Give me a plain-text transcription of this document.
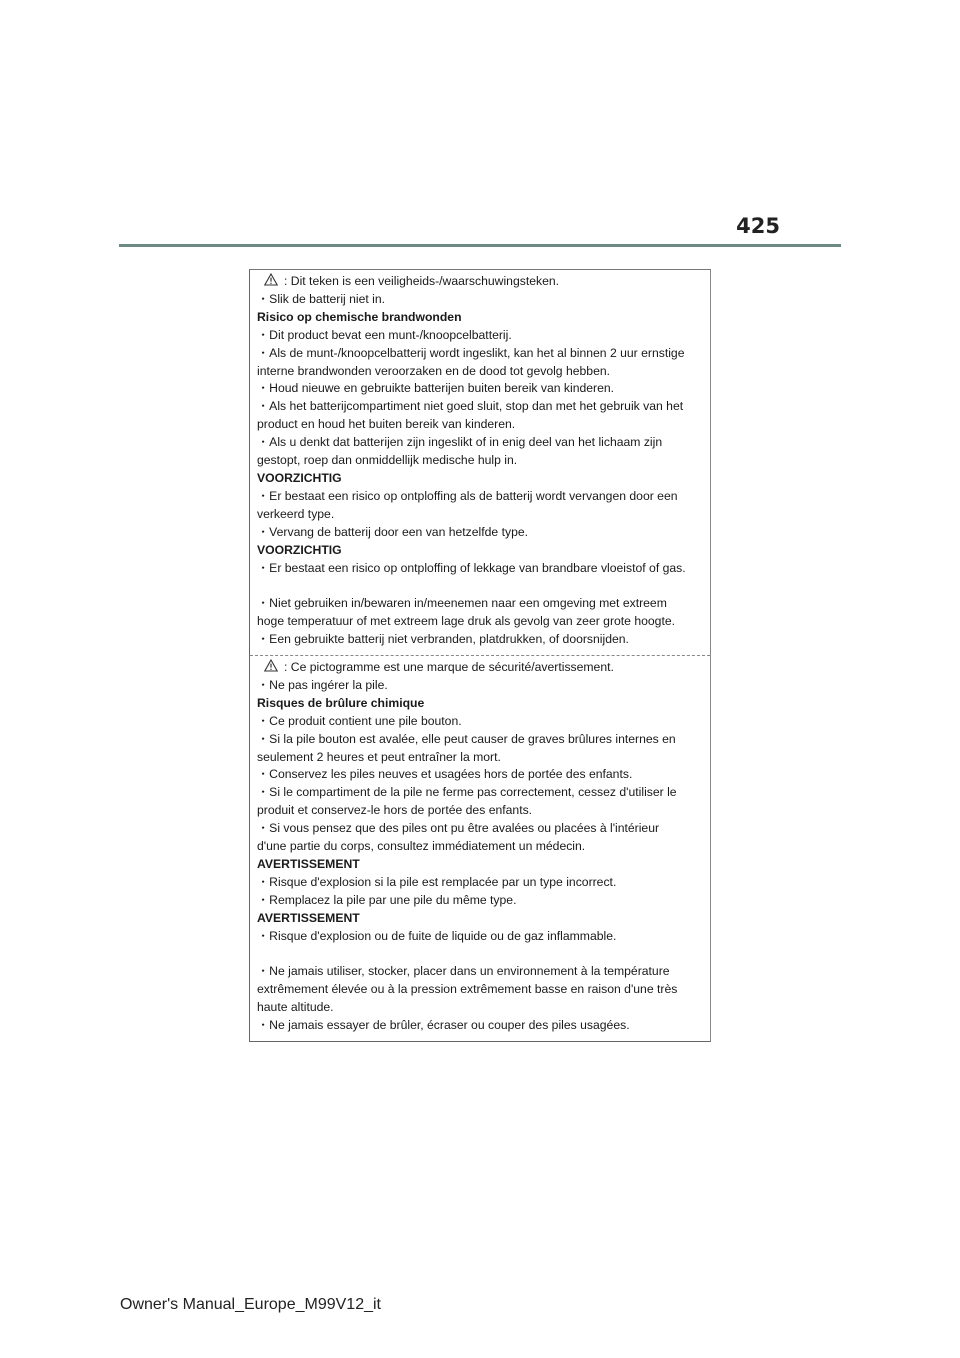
425
: Dit teken is een veiligheids-/waarschuwingsteken.
・Slik de batterij niet in.
Risico op chemische brandwonden
・Dit product bevat een munt-/knoopcelbatterij.
・Als de munt-/knoopcelbatterij wordt ingeslikt, kan het al binnen 2 uur ernstige
interne brandwonden veroorzaken en de dood tot gevolg hebben.
・Houd nieuwe en gebruikte batterijen buiten bereik van kinderen.
・Als het batterijcompartiment niet goed sluit, stop dan met het gebruik van het
product en houd het buiten bereik van kinderen.
・Als u denkt dat batterijen zijn ingeslikt of in enig deel van het lichaam zijn
gestopt, roep dan onmiddellijk medische hulp in.
VOORZICHTIG
・Er bestaat een risico op ontploffing als de batterij wordt vervangen door een
verkeerd type.
・Vervang de batterij door een van hetzelfde type.
VOORZICHTIG
・Er bestaat een risico op ontploffing of lekkage van brandbare vloeistof of gas.
・Niet gebruiken in/bewaren in/meenemen naar een omgeving met extreem
hoge temperatuur of met extreem lage druk als gevolg van zeer grote hoogte.
・Een gebruikte batterij niet verbranden, platdrukken, of doorsnijden.
: Ce pictogramme est une marque de sécurité/avertissement.
・Ne pas ingérer la pile.
Risques de brûlure chimique
・Ce produit contient une pile bouton.
・Si la pile bouton est avalée, elle peut causer de graves brûlures internes en
seulement 2 heures et peut entraîner la mort.
・Conservez les piles neuves et usagées hors de portée des enfants.
・Si le compartiment de la pile ne ferme pas correctement, cessez d'utiliser le
produit et conservez-le hors de portée des enfants.
・Si vous pensez que des piles ont pu être avalées ou placées à l'intérieur
d'une partie du corps, consultez immédiatement un médecin.
AVERTISSEMENT
・Risque d'explosion si la pile est remplacée par un type incorrect.
・Remplacez la pile par une pile du même type.
AVERTISSEMENT
・Risque d'explosion ou de fuite de liquide ou de gaz inflammable.
・Ne jamais utiliser, stocker, placer dans un environnement à la température
extrêmement élevée ou à la pression extrêmement basse en raison d'une très
haute altitude.
・Ne jamais essayer de brûler, écraser ou couper des piles usagées.
Owner's Manual_Europe_M99V12_it
